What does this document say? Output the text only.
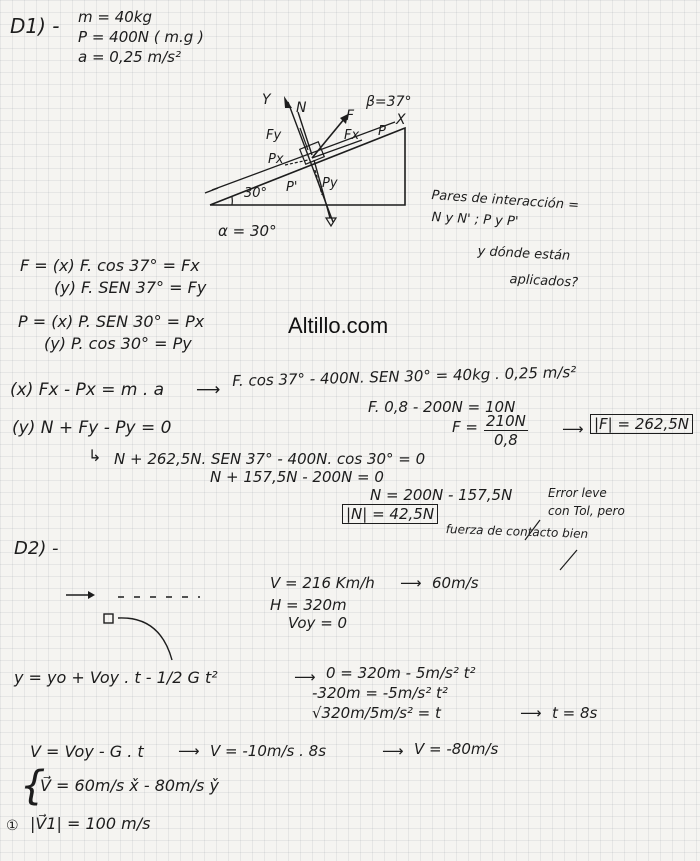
D1) - m = 40kg
P = 400N ( m.g )
a = 0,25 m/s²
Y N	F
β=37°
Fy	Fx P
X
Px
P' Py
30°
α = 30°
Pares de interacción =
N y N' ; P y P'
y dónde están
aplicados?
F = (x) F. cos 37° = Fx
(y) F. SEN 37° = Fy
P = (x) P. SEN 30° = Px
(y) P. cos 30° = Py
Altillo.com
(x) Fx - Px = m . a ⟶
F. cos 37° - 400N. SEN 30° = 40kg . 0,25 m/s²
F. 0,8 - 200N = 10N
(y) N + Fy - Py = 0	$F = \frac{210N}{0,8}$ ⟶ |F| = 262,5N
↳ N + 262,5N. SEN 37° - 400N. cos 30° = 0
N + 157,5N - 200N = 0
N = 200N - 157,5N
|N| = 42,5N
Error leve
con Tol, pero
fuerza de contacto bien
D2) -
V = 216 Km/h ⟶ 60m/s
H = 320m
Voy = 0
y = yo + Voy . t - 1/2 G t²	⟶ 0 = 320m - 5m/s² t²
-320m = -5m/s² t²
√320m/5m/s² = t	⟶ t = 8s
V = Voy - G . t ⟶ V = -10m/s . 8s	⟶ V = -80m/s
{
V⃗ = 60m/s x̌ - 80m/s y̌
① |V⃗1| = 100 m/s
